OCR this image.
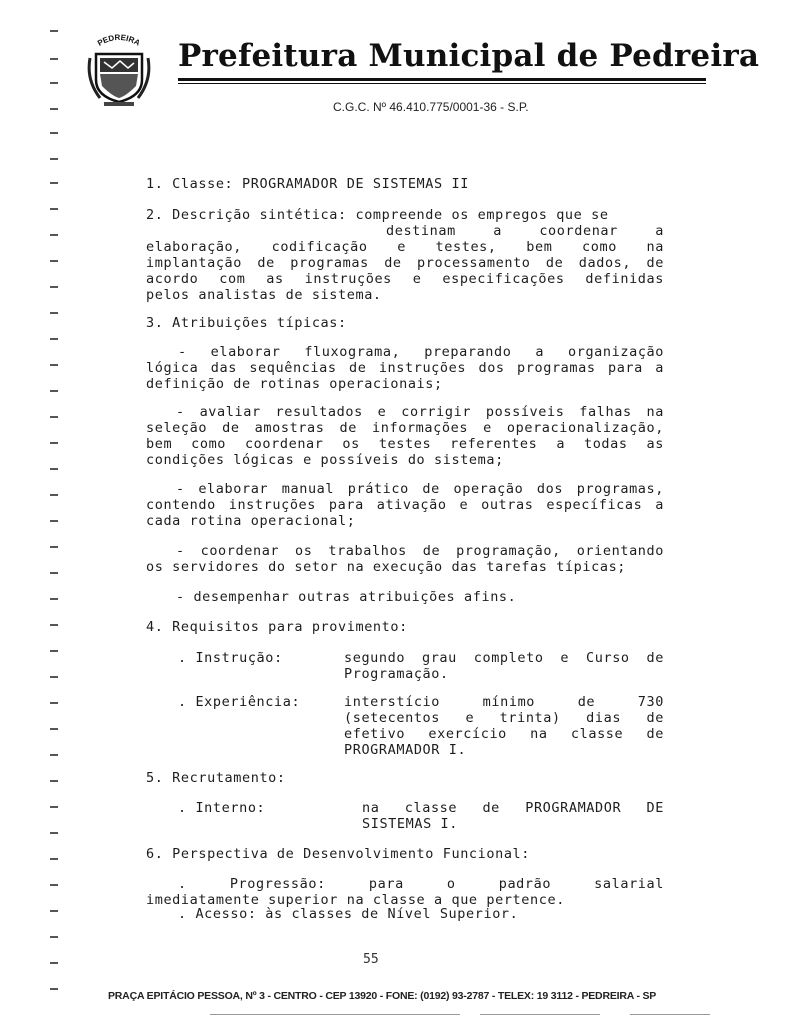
PEDREIRA Prefeitura Municipal de Pedreira
C.G.C. Nº 46.410.775/0001-36 - S.P.
1. Classe: PROGRAMADOR DE SISTEMAS II
2. Descrição sintética: compreende os empregos que se
destinam a coordenar a
elaboração, codificação e testes, bem como na
implantação de programas de processamento de dados, de
acordo com as instruções e especificações definidas
pelos analistas de sistema.
3. Atribuições típicas:
- elaborar fluxograma, preparando a organização
lógica das sequências de instruções dos programas para a
definição de rotinas operacionais;
- avaliar resultados e corrigir possíveis falhas na
seleção de amostras de informações e operacionalização,
bem como coordenar os testes referentes a todas as
condições lógicas e possíveis do sistema;
- elaborar manual prático de operação dos programas,
contendo instruções para ativação e outras específicas a
cada rotina operacional;
- coordenar os trabalhos de programação, orientando
os servidores do setor na execução das tarefas típicas;
- desempenhar outras atribuições afins.
4. Requisitos para provimento:
. Instrução:	segundo grau completo e Curso de
Programação.
. Experiência:	interstício mínimo de 730
(setecentos e trinta) dias de
efetivo exercício na classe de
PROGRAMADOR I.
5. Recrutamento:
. Interno:	na classe de PROGRAMADOR DE
SISTEMAS I.
6. Perspectiva de Desenvolvimento Funcional:
. Progressão: para o padrão salarial
imediatamente superior na classe a que pertence.
. Acesso: às classes de Nível Superior.
55
PRAÇA EPITÁCIO PESSOA, Nº 3 - CENTRO - CEP 13920 - FONE: (0192) 93-2787 - TELEX: 19 3112 - PEDREIRA - SP
